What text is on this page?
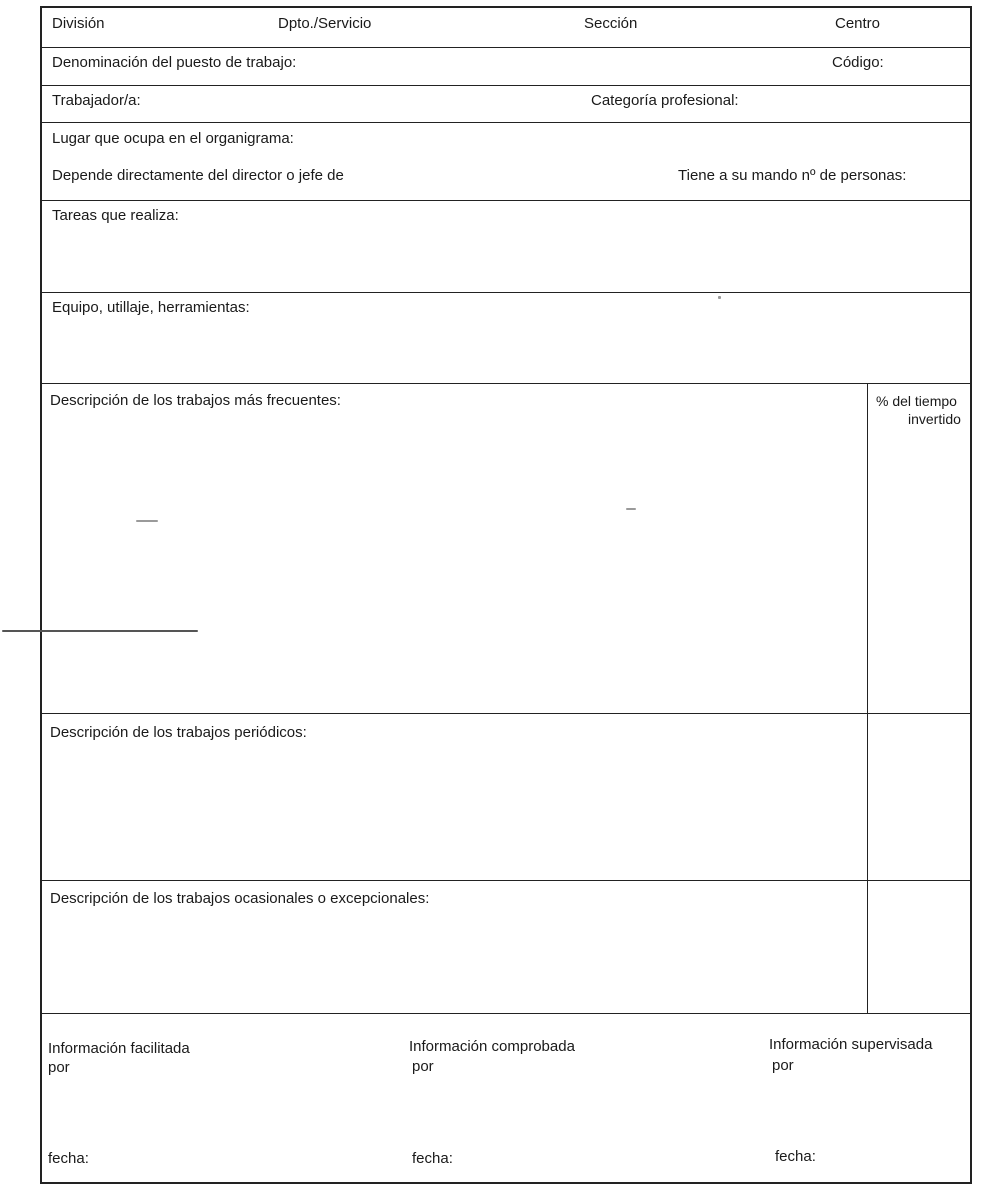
División	Dpto./Servicio	Sección	Centro
Denominación del puesto de trabajo:	Código:
Trabajador/a:	Categoría profesional:
Lugar que ocupa en el organigrama:
Depende directamente del director o jefe de	Tiene a su mando nº de personas:
Tareas que realiza:
Equipo, utillaje, herramientas:
Descripción de los trabajos más frecuentes:	% del tiempo
invertido
Descripción de los trabajos periódicos:
Descripción de los trabajos ocasionales o excepcionales:
Información facilitada
por
Información comprobada
por
Información supervisada
por
fecha:	fecha:	fecha:
